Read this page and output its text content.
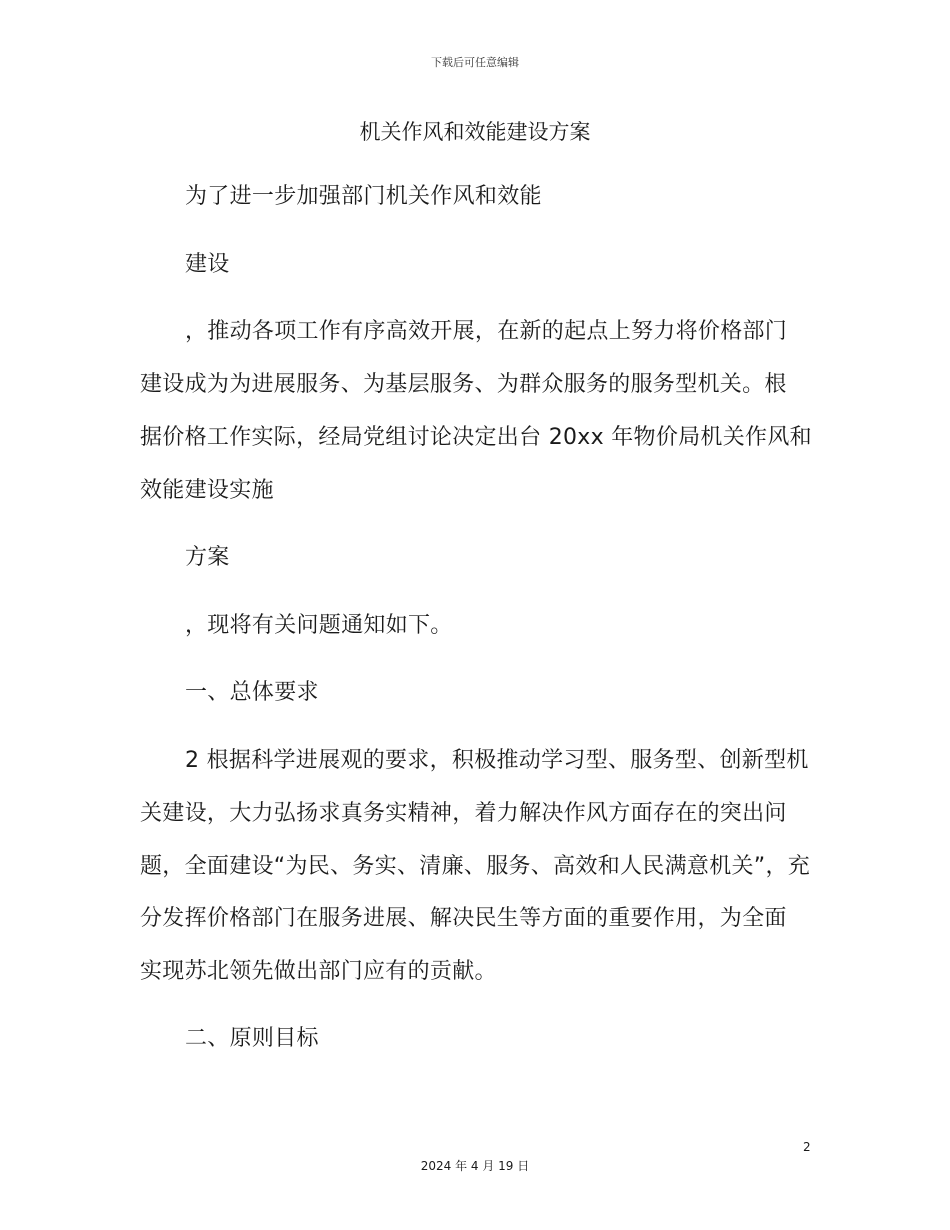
下载后可任意编辑
机关作风和效能建设方案
为了进一步加强部门机关作风和效能
建设
，推动各项工作有序高效开展，在新的起点上努力将价格部门
建设成为为进展服务、为基层服务、为群众服务的服务型机关。根
据价格工作实际，经局党组讨论决定出台 20xx 年物价局机关作风和
效能建设实施
方案
，现将有关问题通知如下。
一、总体要求
2 根据科学进展观的要求，积极推动学习型、服务型、创新型机
关建设，大力弘扬求真务实精神，着力解决作风方面存在的突出问
题，全面建设“为民、务实、清廉、服务、高效和人民满意机关”，充
分发挥价格部门在服务进展、解决民生等方面的重要作用，为全面
实现苏北领先做出部门应有的贡献。
二、原则目标
2
2024 年 4 月 19 日
